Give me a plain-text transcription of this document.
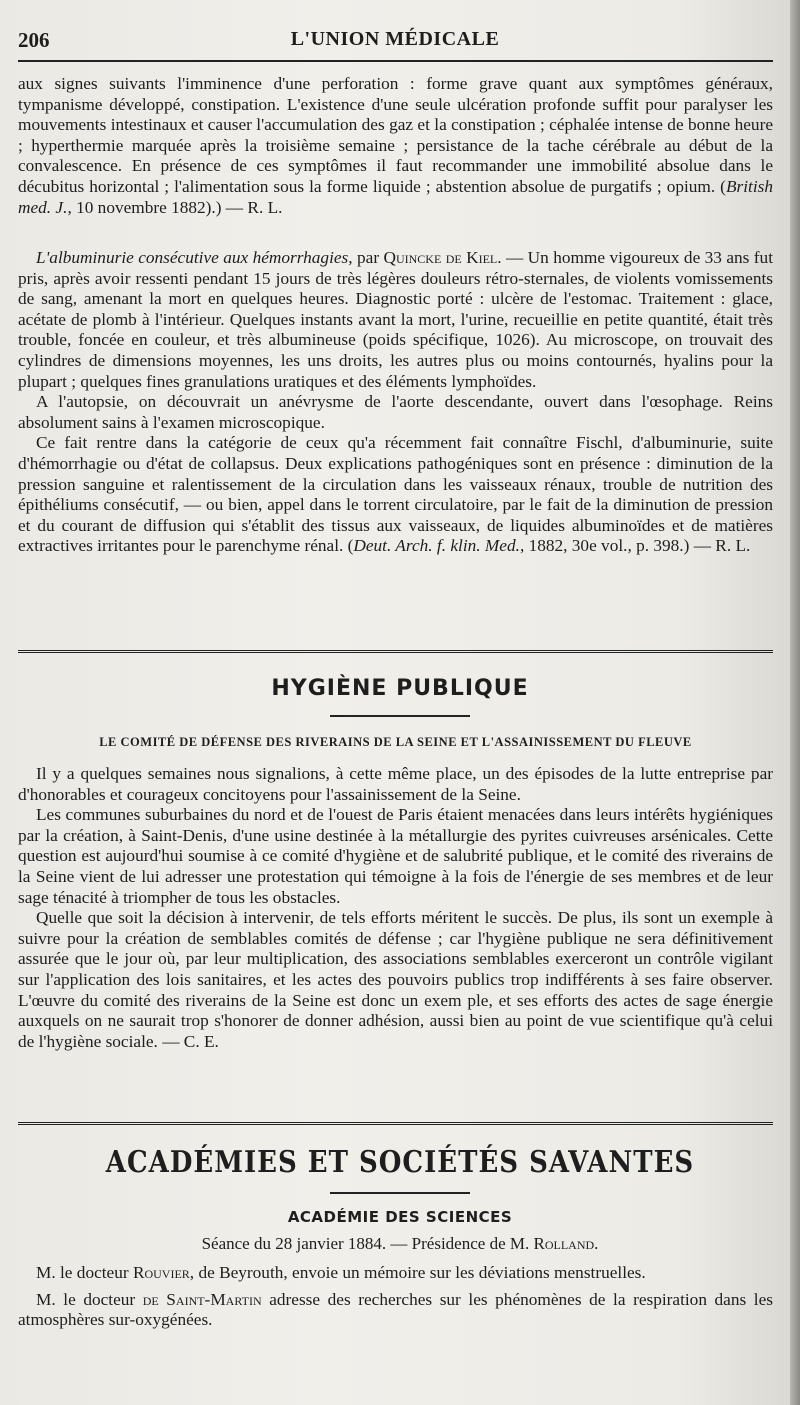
206	L'UNION MÉDICALE

aux signes suivants l'imminence d'une perforation : forme grave quant aux symptômes généraux, tympanisme développé, constipation. L'existence d'une seule ulcération profonde suffit pour paralyser les mouvements intestinaux et causer l'accumulation des gaz et la constipation ; céphalée intense de bonne heure ; hyperthermie marquée après la troisième semaine ; persistance de la tache cérébrale au début de la convalescence. En présence de ces symptômes il faut recommander une immobilité absolue dans le décubitus horizontal ; l'alimentation sous la forme liquide ; abstention absolue de purgatifs ; opium. (British med. J., 10 novembre 1882).) — R. L.

L'albuminurie consécutive aux hémorrhagies, par Quincke de Kiel. — Un homme vigoureux de 33 ans fut pris, après avoir ressenti pendant 15 jours de très légères douleurs rétro-sternales, de violents vomissements de sang, amenant la mort en quelques heures. Diagnostic porté : ulcère de l'estomac. Traitement : glace, acétate de plomb à l'intérieur. Quelques instants avant la mort, l'urine, recueillie en petite quantité, était très trouble, foncée en couleur, et très albumineuse (poids spécifique, 1026). Au microscope, on trouvait des cylindres de dimensions moyennes, les uns droits, les autres plus ou moins contournés, hyalins pour la plupart ; quelques fines granulations uratiques et des éléments lymphoïdes.

A l'autopsie, on découvrait un anévrysme de l'aorte descendante, ouvert dans l'œsophage. Reins absolument sains à l'examen microscopique.

Ce fait rentre dans la catégorie de ceux qu'a récemment fait connaître Fischl, d'albuminurie, suite d'hémorrhagie ou d'état de collapsus. Deux explications pathogéniques sont en présence : diminution de la pression sanguine et ralentissement de la circulation dans les vaisseaux rénaux, trouble de nutrition des épithéliums consécutif, — ou bien, appel dans le torrent circulatoire, par le fait de la diminution de pression et du courant de diffusion qui s'établit des tissus aux vaisseaux, de liquides albuminoïdes et de matières extractives irritantes pour le parenchyme rénal. (Deut. Arch. f. klin. Med., 1882, 30e vol., p. 398.) — R. L.

HYGIÈNE PUBLIQUE
LE COMITÉ DE DÉFENSE DES RIVERAINS DE LA SEINE ET L'ASSAINISSEMENT DU FLEUVE

Il y a quelques semaines nous signalions, à cette même place, un des épisodes de la lutte entreprise par d'honorables et courageux concitoyens pour l'assainissement de la Seine.

Les communes suburbaines du nord et de l'ouest de Paris étaient menacées dans leurs intérêts hygiéniques par la création, à Saint-Denis, d'une usine destinée à la métallurgie des pyrites cuivreuses arsénicales. Cette question est aujourd'hui soumise à ce comité d'hygiène et de salubrité publique, et le comité des riverains de la Seine vient de lui adresser une protestation qui témoigne à la fois de l'énergie de ses membres et de leur sage ténacité à triompher de tous les obstacles.

Quelle que soit la décision à intervenir, de tels efforts méritent le succès. De plus, ils sont un exemple à suivre pour la création de semblables comités de défense ; car l'hygiène publique ne sera définitivement assurée que le jour où, par leur multiplication, des associations semblables exerceront un contrôle vigilant sur l'application des lois sanitaires, et les actes des pouvoirs publics trop indifférents à ses faire observer. L'œuvre du comité des riverains de la Seine est donc un exem ple, et ses efforts des actes de sage énergie auxquels on ne saurait trop s'honorer de donner adhésion, aussi bien au point de vue scientifique qu'à celui de l'hygiène sociale. — C. E.

ACADÉMIES ET SOCIÉTÉS SAVANTES
ACADÉMIE DES SCIENCES
Séance du 28 janvier 1884. — Présidence de M. Rolland.

M. le docteur Rouvier, de Beyrouth, envoie un mémoire sur les déviations menstruelles.

M. le docteur de Saint-Martin adresse des recherches sur les phénomènes de la respiration dans les atmosphères sur-oxygénées.
